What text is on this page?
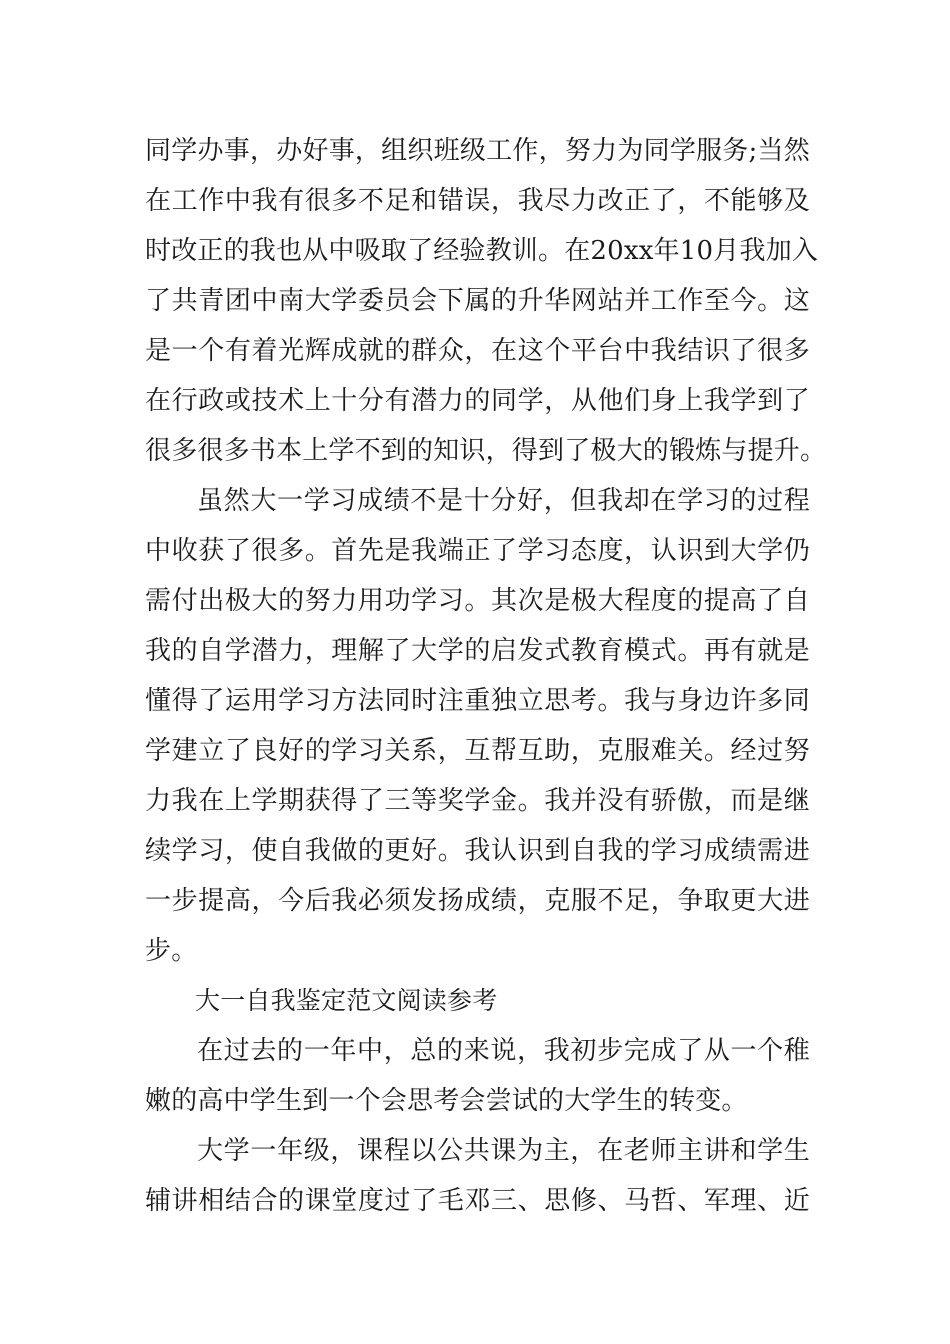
同学办事，办好事，组织班级工作，努力为同学服务;当然
在工作中我有很多不足和错误，我尽力改正了，不能够及
时改正的我也从中吸取了经验教训。在20xx年10月我加入
了共青团中南大学委员会下属的升华网站并工作至今。这
是一个有着光辉成就的群众，在这个平台中我结识了很多
在行政或技术上十分有潜力的同学，从他们身上我学到了
很多很多书本上学不到的知识，得到了极大的锻炼与提升。
虽然大一学习成绩不是十分好，但我却在学习的过程
中收获了很多。首先是我端正了学习态度，认识到大学仍
需付出极大的努力用功学习。其次是极大程度的提高了自
我的自学潜力，理解了大学的启发式教育模式。再有就是
懂得了运用学习方法同时注重独立思考。我与身边许多同
学建立了良好的学习关系，互帮互助，克服难关。经过努
力我在上学期获得了三等奖学金。我并没有骄傲，而是继
续学习，使自我做的更好。我认识到自我的学习成绩需进
一步提高，今后我必须发扬成绩，克服不足，争取更大进
步。
大一自我鉴定范文阅读参考
在过去的一年中，总的来说，我初步完成了从一个稚
嫩的高中学生到一个会思考会尝试的大学生的转变。
大学一年级，课程以公共课为主，在老师主讲和学生
辅讲相结合的课堂度过了毛邓三、思修、马哲、军理、近
